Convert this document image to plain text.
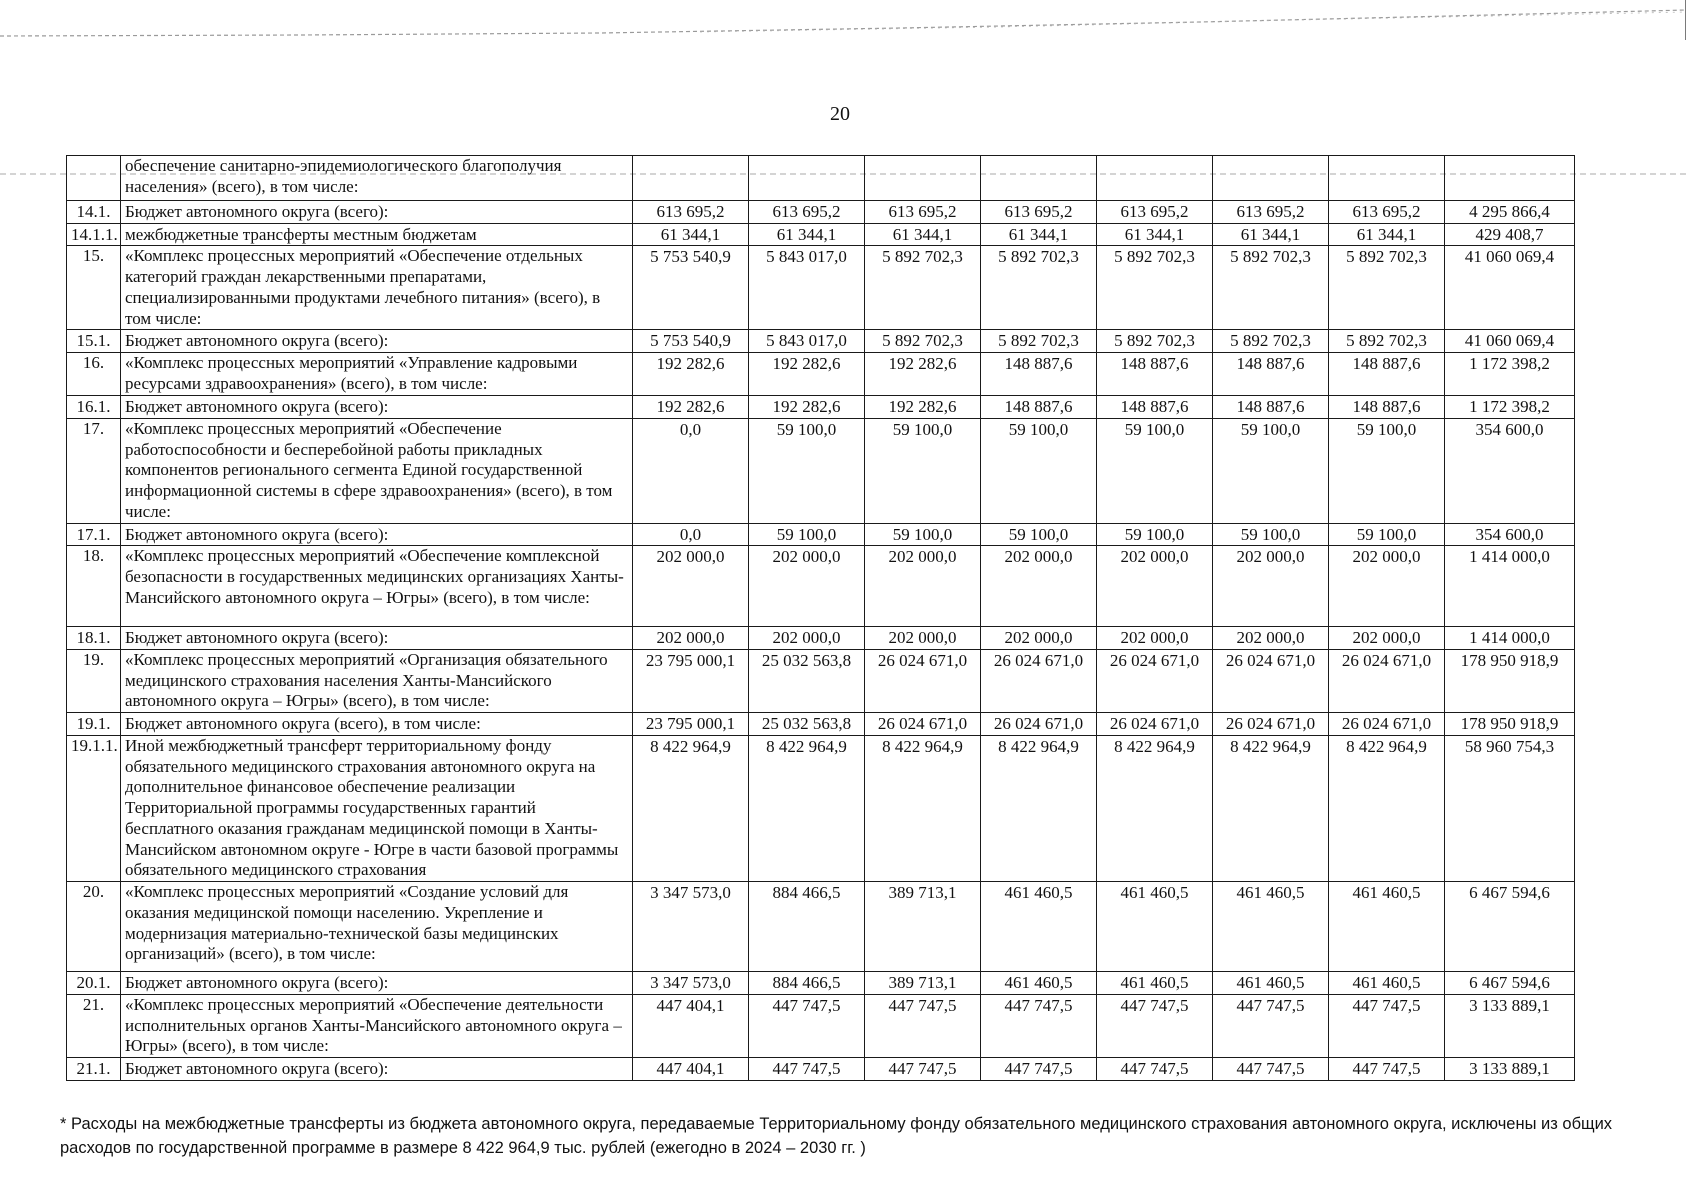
20
	обеспечение санитарно-эпидемиологического благополучия населения» (всего), в том числе:								
14.1.	Бюджет автономного округа (всего):	613 695,2	613 695,2	613 695,2	613 695,2	613 695,2	613 695,2	613 695,2	4 295 866,4
14.1.1.	межбюджетные трансферты местным бюджетам	61 344,1	61 344,1	61 344,1	61 344,1	61 344,1	61 344,1	61 344,1	429 408,7
15.	«Комплекс процессных мероприятий «Обеспечение отдельных категорий граждан лекарственными препаратами, специализированными продуктами лечебного питания» (всего), в том числе:	5 753 540,9	5 843 017,0	5 892 702,3	5 892 702,3	5 892 702,3	5 892 702,3	5 892 702,3	41 060 069,4
15.1.	Бюджет автономного округа (всего):	5 753 540,9	5 843 017,0	5 892 702,3	5 892 702,3	5 892 702,3	5 892 702,3	5 892 702,3	41 060 069,4
16.	«Комплекс процессных мероприятий «Управление кадровыми ресурсами здравоохранения» (всего), в том числе:	192 282,6	192 282,6	192 282,6	148 887,6	148 887,6	148 887,6	148 887,6	1 172 398,2
16.1.	Бюджет автономного округа (всего):	192 282,6	192 282,6	192 282,6	148 887,6	148 887,6	148 887,6	148 887,6	1 172 398,2
17.	«Комплекс процессных мероприятий «Обеспечение работоспособности и бесперебойной работы прикладных компонентов регионального сегмента Единой государственной информационной системы в сфере здравоохранения» (всего), в том числе:	0,0	59 100,0	59 100,0	59 100,0	59 100,0	59 100,0	59 100,0	354 600,0
17.1.	Бюджет автономного округа (всего):	0,0	59 100,0	59 100,0	59 100,0	59 100,0	59 100,0	59 100,0	354 600,0
18.	«Комплекс процессных мероприятий «Обеспечение комплексной безопасности в государственных медицинских организациях Ханты-Мансийского автономного округа – Югры» (всего), в том числе:	202 000,0	202 000,0	202 000,0	202 000,0	202 000,0	202 000,0	202 000,0	1 414 000,0
18.1.	Бюджет автономного округа (всего):	202 000,0	202 000,0	202 000,0	202 000,0	202 000,0	202 000,0	202 000,0	1 414 000,0
19.	«Комплекс процессных мероприятий «Организация обязательного медицинского страхования населения Ханты-Мансийского автономного округа – Югры» (всего), в том числе:	23 795 000,1	25 032 563,8	26 024 671,0	26 024 671,0	26 024 671,0	26 024 671,0	26 024 671,0	178 950 918,9
19.1.	Бюджет автономного округа (всего), в том числе:	23 795 000,1	25 032 563,8	26 024 671,0	26 024 671,0	26 024 671,0	26 024 671,0	26 024 671,0	178 950 918,9
19.1.1.	Иной межбюджетный трансферт территориальному фонду обязательного медицинского страхования автономного округа на дополнительное финансовое обеспечение реализации Территориальной программы государственных гарантий бесплатного оказания гражданам медицинской помощи в Ханты-Мансийском автономном округе - Югре в части базовой программы обязательного медицинского страхования	8 422 964,9	8 422 964,9	8 422 964,9	8 422 964,9	8 422 964,9	8 422 964,9	8 422 964,9	58 960 754,3
20.	«Комплекс процессных мероприятий «Создание условий для оказания медицинской помощи населению. Укрепление и модернизация материально-технической базы медицинских организаций» (всего), в том числе:	3 347 573,0	884 466,5	389 713,1	461 460,5	461 460,5	461 460,5	461 460,5	6 467 594,6
20.1.	Бюджет автономного округа (всего):	3 347 573,0	884 466,5	389 713,1	461 460,5	461 460,5	461 460,5	461 460,5	6 467 594,6
21.	«Комплекс процессных мероприятий «Обеспечение деятельности исполнительных органов Ханты-Мансийского автономного округа – Югры» (всего), в том числе:	447 404,1	447 747,5	447 747,5	447 747,5	447 747,5	447 747,5	447 747,5	3 133 889,1
21.1.	Бюджет автономного округа (всего):	447 404,1	447 747,5	447 747,5	447 747,5	447 747,5	447 747,5	447 747,5	3 133 889,1
* Расходы на межбюджетные трансферты из бюджета автономного округа, передаваемые Территориальному фонду обязательного медицинского страхования автономного округа, исключены из общих расходов по государственной программе в размере 8 422 964,9 тыс. рублей (ежегодно в 2024 – 2030 гг. )
